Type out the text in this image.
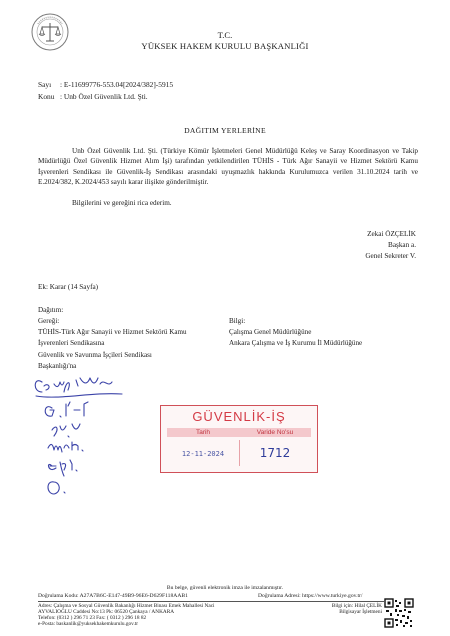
T.C.
YÜKSEK HAKEM KURULU BAŞKANLIĞI
Sayı : E-11699776-553.04[2024/382]-5915
Konu : Unb Özel Güvenlik Ltd. Şti.
DAĞITIM YERLERİNE
Unb Özel Güvenlik Ltd. Şti. (Türkiye Kömür İşletmeleri Genel Müdürlüğü Keleş ve Saray Koordinasyon ve Takip Müdürlüğü Özel Güvenlik Hizmet Alım İşi) tarafından yetkilendirilen TÜHİS - Türk Ağır Sanayii ve Hizmet Sektörü Kamu İşverenleri Sendikası ile Güvenlik-İş Sendikası arasındaki uyuşmazlık hakkında Kurulumuzca verilen 31.10.2024 tarih ve E.2024/382, K.2024/453 sayılı karar ilişikte gönderilmiştir.
Bilgilerini ve gereğini rica ederim.
Zekai ÖZÇELİK
Başkan a.
Genel Sekreter V.
Ek: Karar (14 Sayfa)
Dağıtım:
Gereği:	Bilgi:
TÜHİS-Türk Ağır Sanayii ve Hizmet Sektörü Kamu
İşverenleri Sendikasına
Güvenlik ve Savunma İşçileri Sendikası
Başkanlığı'na
Çalışma Genel Müdürlüğüne
Ankara Çalışma ve İş Kurumu İl Müdürlüğüne
GÜVENLİK-İŞ
Tarih	Varide No'su
12-11-2024	1712
Bu belge, güvenli elektronik imza ile imzalanmıştır.
Doğrulama Kodu: A27A7B6C-E147-49B9-96E6-D629F118AAB1	Doğrulama Adresi: https://www.turkiye.gov.tr/
Adres: Çalışma ve Sosyal Güvenlik Bakanlığı Hizmet Binası Emek Mahallesi Naci
AYVALIOĞLU Caddesi No:13 Pk: 06520 Çankaya / ANKARA
Telefon: (0312 ) 296 71 23 Fax: ( 0312 ) 296 18 82
e-Posta: baskanlik@yuksekhakemkurulu.gov.tr
Bilgi için: Hilal ÇELİK
Bilgisayar İşletmeni
